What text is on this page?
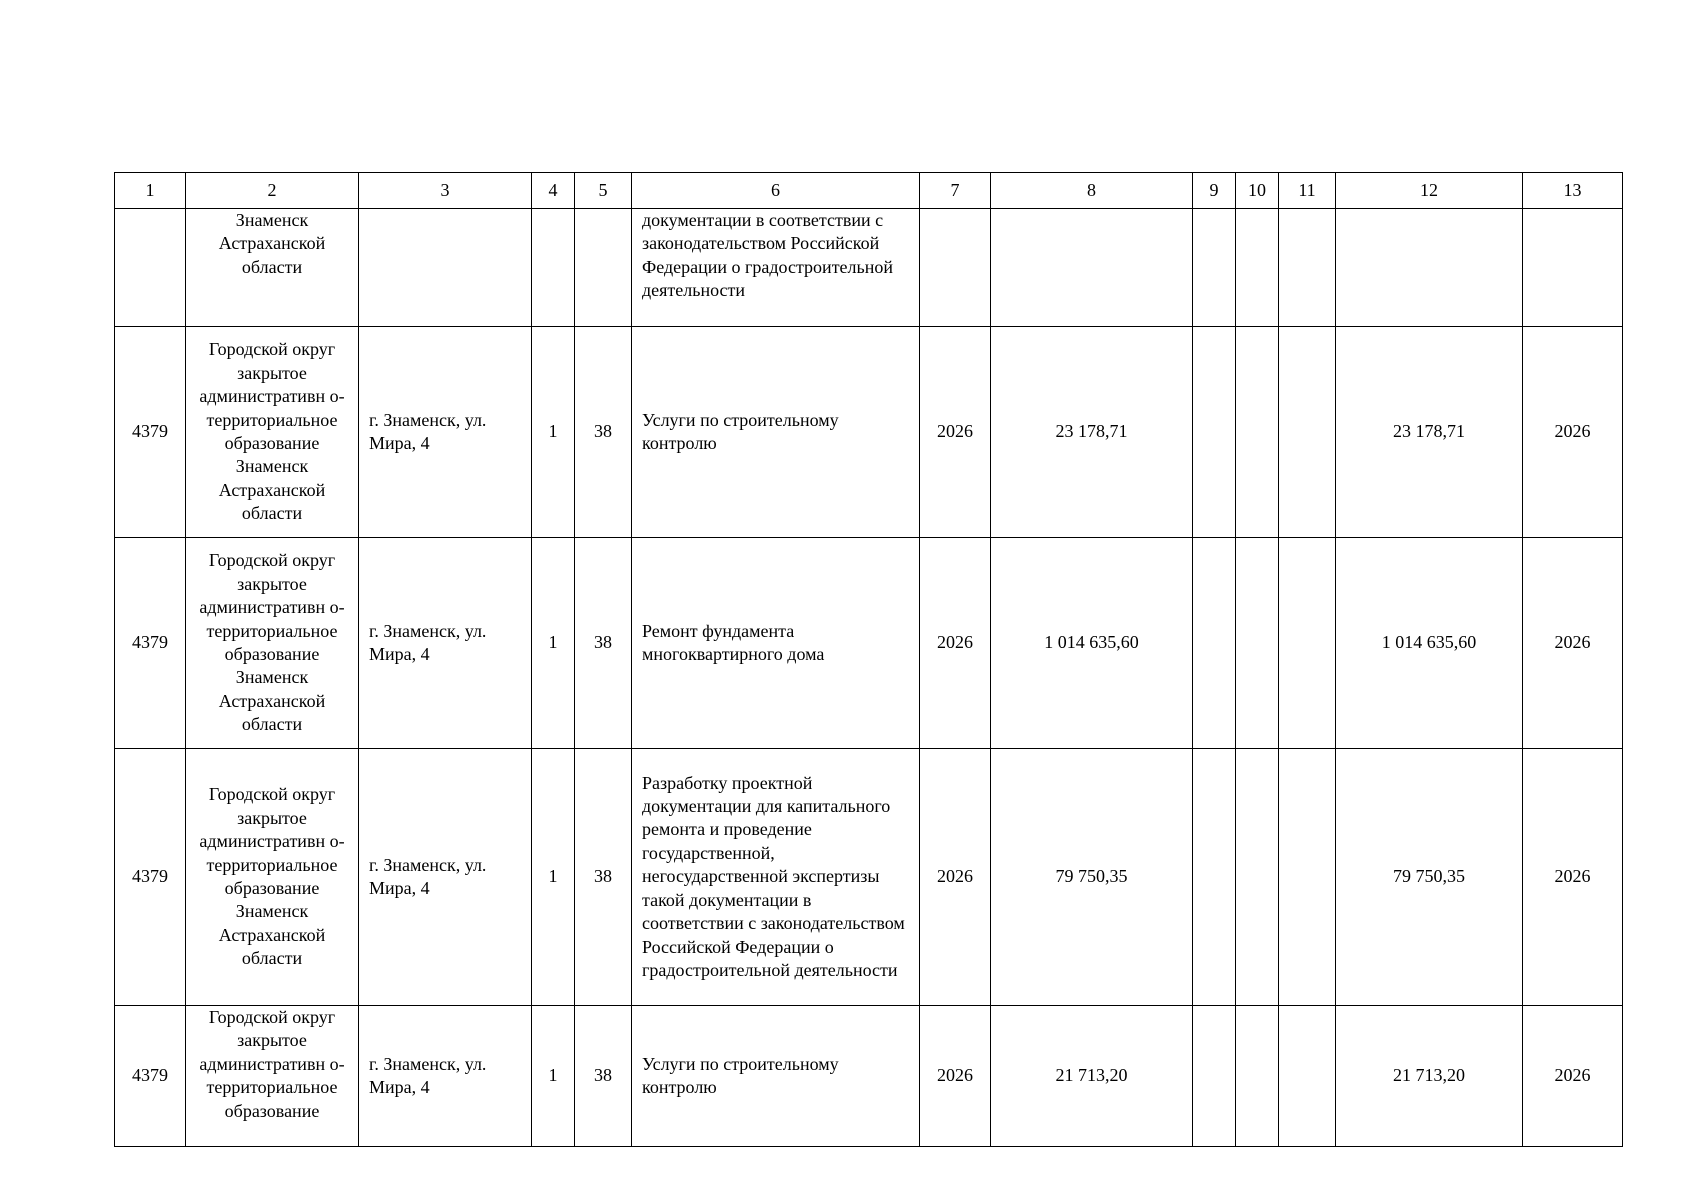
1	2	3	4	5	6	7	8	9	10	11	12	13
	Знаменск Астраханской области				документации в соответствии с законодательством Российской Федерации о градостроительной деятельности							
4379	Городской округ закрытое административн о-территориальное образование Знаменск Астраханской области	г. Знаменск, ул. Мира, 4	1	38	Услуги по строительному контролю	2026	23 178,71				23 178,71	2026
4379	Городской округ закрытое административн о-территориальное образование Знаменск Астраханской области	г. Знаменск, ул. Мира, 4	1	38	Ремонт фундамента многоквартирного дома	2026	1 014 635,60				1 014 635,60	2026
4379	Городской округ закрытое административн о-территориальное образование Знаменск Астраханской области	г. Знаменск, ул. Мира, 4	1	38	Разработку проектной документации для капитального ремонта и проведение государственной, негосударственной экспертизы такой документации в соответствии с законодательством Российской Федерации о градостроительной деятельности	2026	79 750,35				79 750,35	2026
4379	Городской округ закрытое административн о-территориальное образование	г. Знаменск, ул. Мира, 4	1	38	Услуги по строительному контролю	2026	21 713,20				21 713,20	2026
